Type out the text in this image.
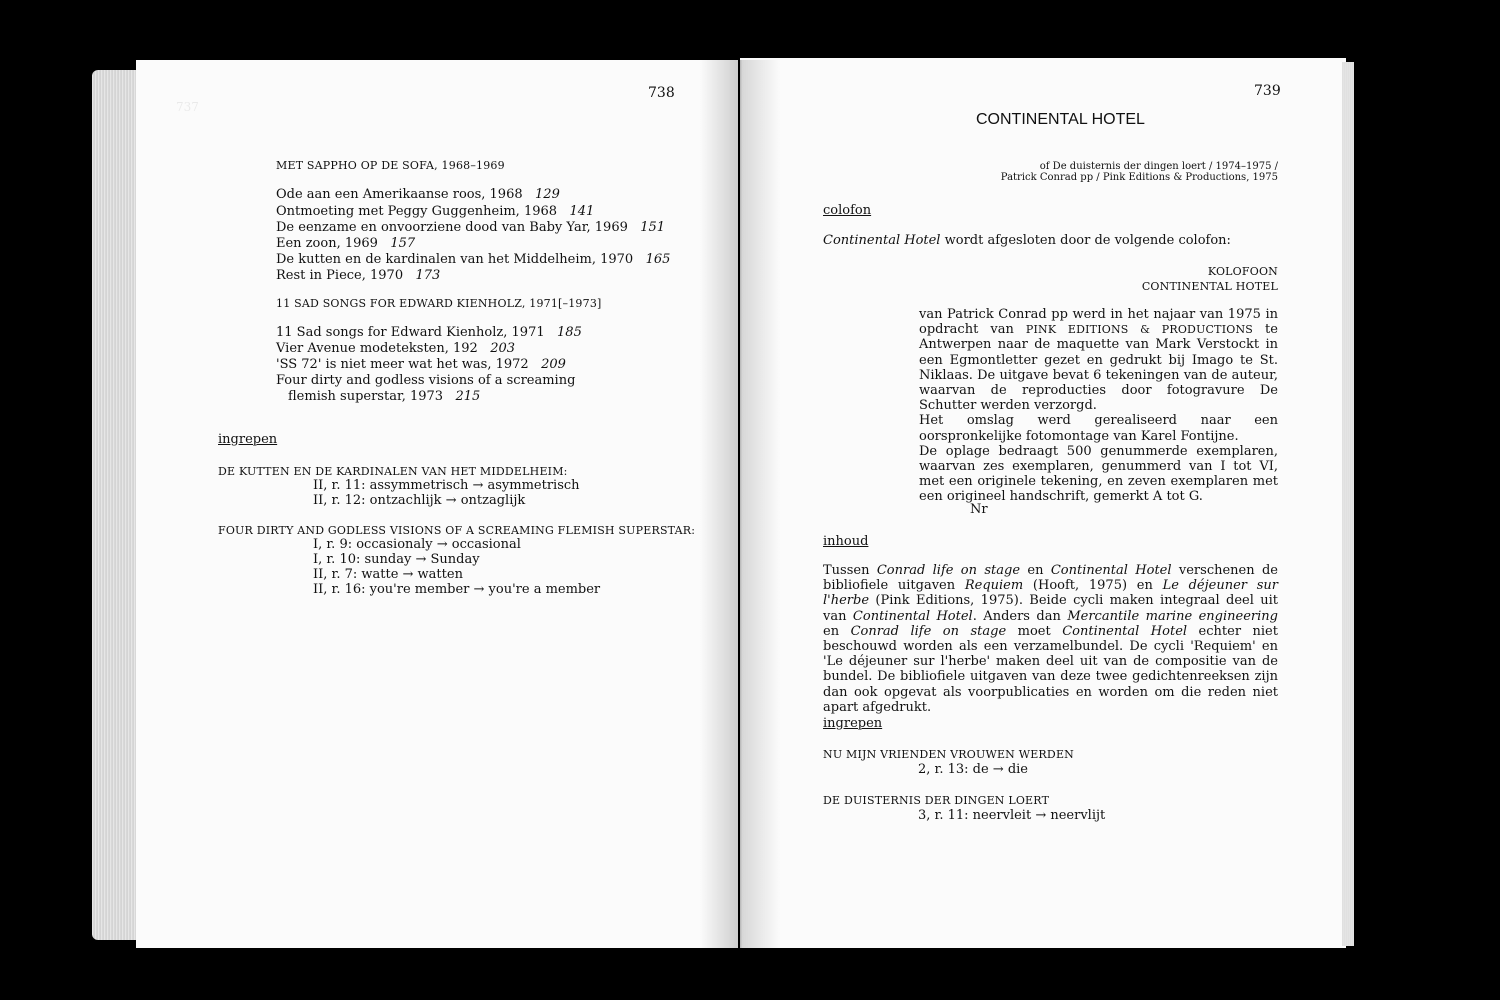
737
738
MET SAPPHO OP DE SOFA, 1968–1969
Ode aan een Amerikaanse roos, 1968 129
Ontmoeting met Peggy Guggenheim, 1968 141
De eenzame en onvoorziene dood van Baby Yar, 1969 151
Een zoon, 1969 157
De kutten en de kardinalen van het Middelheim, 1970 165
Rest in Piece, 1970 173
11 SAD SONGS FOR EDWARD KIENHOLZ, 1971[–1973]
11 Sad songs for Edward Kienholz, 1971 185
Vier Avenue modeteksten, 192 203
'SS 72' is niet meer wat het was, 1972 209
Four dirty and godless visions of a screaming
flemish superstar, 1973 215
ingrepen
DE KUTTEN EN DE KARDINALEN VAN HET MIDDELHEIM:
II, r. 11: assymmetrisch → asymmetrisch
II, r. 12: ontzachlijk → ontzaglijk
FOUR DIRTY AND GODLESS VISIONS OF A SCREAMING FLEMISH SUPERSTAR:
I, r. 9: occasionaly → occasional
I, r. 10: sunday → Sunday
II, r. 7: watte → watten
II, r. 16: you're member → you're a member
739
CONTINENTAL HOTEL
of De duisternis der dingen loert / 1974–1975 /
Patrick Conrad pp / Pink Editions & Productions, 1975
colofon
Continental Hotel wordt afgesloten door de volgende colofon:
KOLOFOON
CONTINENTAL HOTEL

van Patrick Conrad pp werd in het najaar van 1975 in opdracht van PINK EDITIONS & PRODUCTIONS te Antwerpen naar de maquette van Mark Verstockt in een Egmontletter gezet en gedrukt bij Imago te St. Niklaas. De uitgave bevat 6 tekeningen van de auteur, waarvan de reproducties door fotogravure De Schutter werden verzorgd.

Het omslag werd gerealiseerd naar een oorspronkelijke fotomontage van Karel Fontijne.

De oplage bedraagt 500 genummerde exemplaren, waarvan zes exemplaren, genummerd van I tot VI, met een originele tekening, en zeven exemplaren met een origineel handschrift, gemerkt A tot G.

Nr
inhoud
Tussen Conrad life on stage en Continental Hotel verschenen de bibliofiele uitgaven Requiem (Hooft, 1975) en Le déjeuner sur l'herbe (Pink Editions, 1975). Beide cycli maken integraal deel uit van Continental Hotel. Anders dan Mercantile marine engineering en Conrad life on stage moet Continental Hotel echter niet beschouwd worden als een verzamelbundel. De cycli 'Requiem' en 'Le déjeuner sur l'herbe' maken deel uit van de compositie van de bundel. De bibliofiele uitgaven van deze twee gedichtenreeksen zijn dan ook opgevat als voorpublicaties en worden om die reden niet apart afgedrukt.
ingrepen
NU MIJN VRIENDEN VROUWEN WERDEN
2, r. 13: de → die
DE DUISTERNIS DER DINGEN LOERT
3, r. 11: neervleit → neervlijt
